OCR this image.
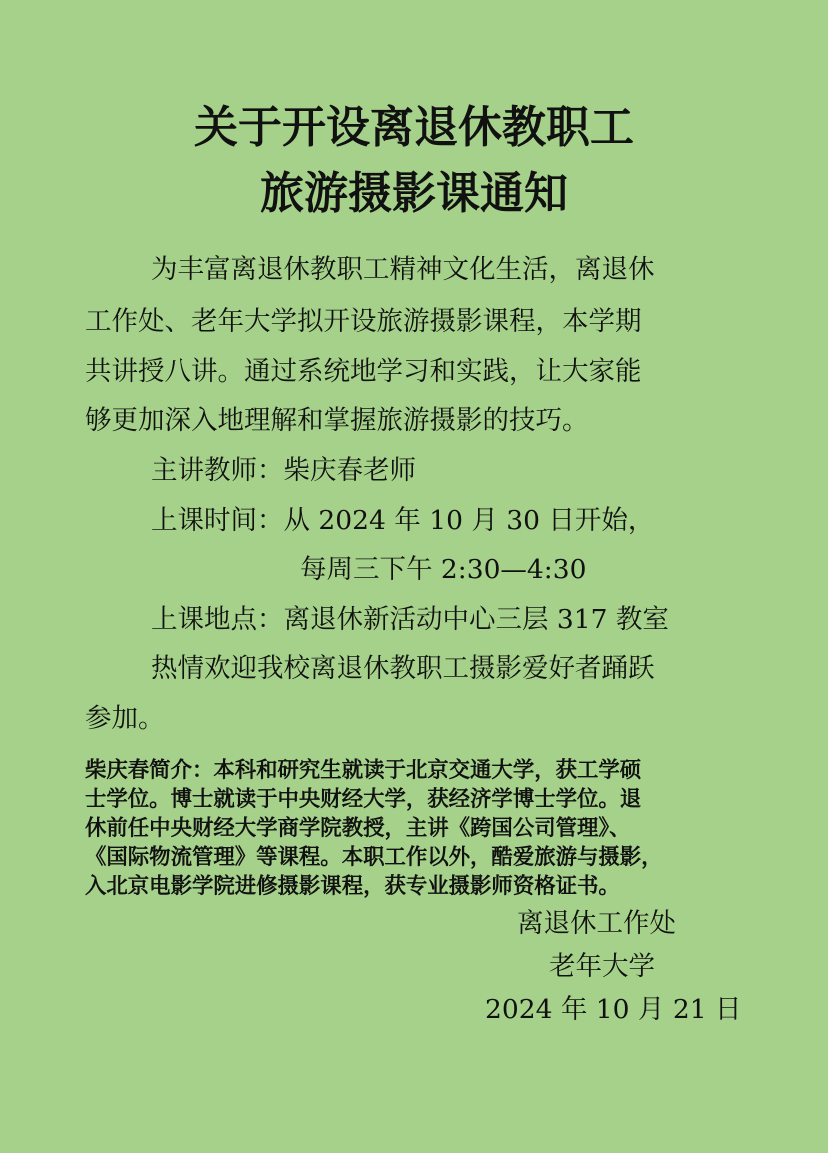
关于开设离退休教职工
旅游摄影课通知
为丰富离退休教职工精神文化生活，离退休
工作处、老年大学拟开设旅游摄影课程，本学期
共讲授八讲。通过系统地学习和实践，让大家能
够更加深入地理解和掌握旅游摄影的技巧。
主讲教师：柴庆春老师
上课时间：从 2024 年 10 月 30 日开始，
每周三下午 2:30—4:30
上课地点：离退休新活动中心三层 317 教室
热情欢迎我校离退休教职工摄影爱好者踊跃
参加。
柴庆春简介：本科和研究生就读于北京交通大学，获工学硕
士学位。博士就读于中央财经大学，获经济学博士学位。退
休前任中央财经大学商学院教授，主讲《跨国公司管理》、
《国际物流管理》等课程。本职工作以外，酷爱旅游与摄影，
入北京电影学院进修摄影课程，获专业摄影师资格证书。
离退休工作处
老年大学
2024 年 10 月 21 日
